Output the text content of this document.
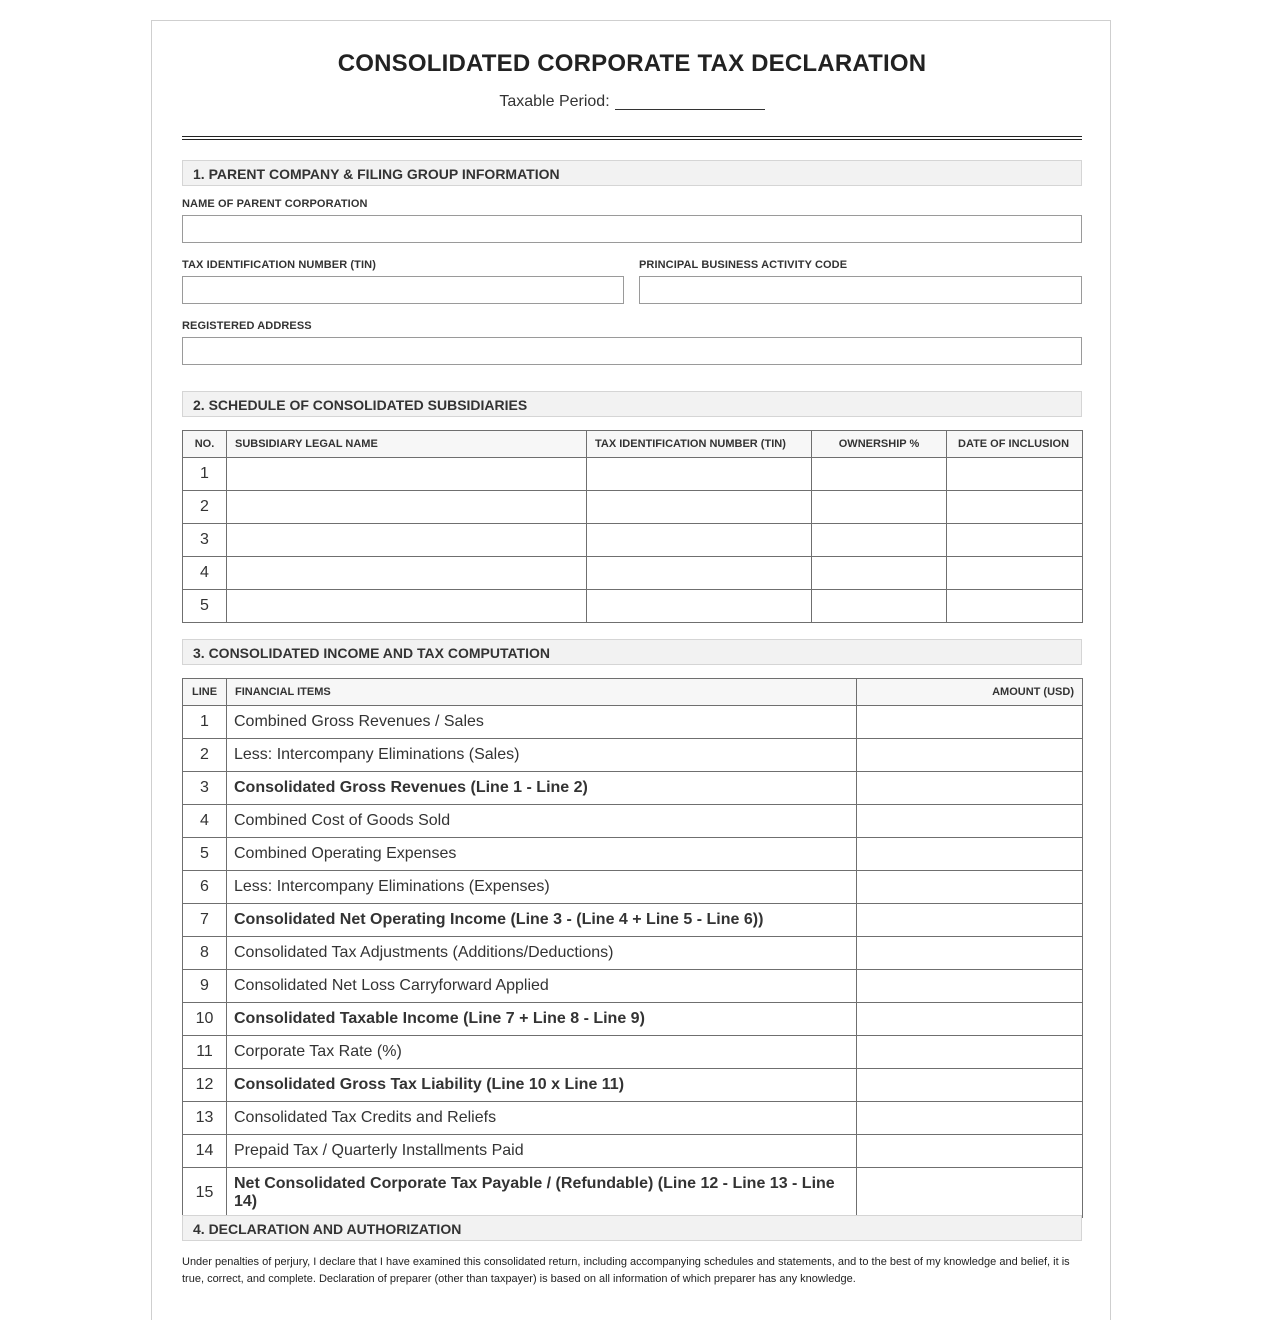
CONSOLIDATED CORPORATE TAX DECLARATION
Taxable Period:
1. PARENT COMPANY & FILING GROUP INFORMATION
NAME OF PARENT CORPORATION
TAX IDENTIFICATION NUMBER (TIN)	PRINCIPAL BUSINESS ACTIVITY CODE
REGISTERED ADDRESS
2. SCHEDULE OF CONSOLIDATED SUBSIDIARIES
NO.	SUBSIDIARY LEGAL NAME	TAX IDENTIFICATION NUMBER (TIN)	OWNERSHIP %	DATE OF INCLUSION
1				
2				
3				
4				
5				
3. CONSOLIDATED INCOME AND TAX COMPUTATION
LINE	FINANCIAL ITEMS	AMOUNT (USD)
1	Combined Gross Revenues / Sales	
2	Less: Intercompany Eliminations (Sales)	
3	Consolidated Gross Revenues (Line 1 - Line 2)	
4	Combined Cost of Goods Sold	
5	Combined Operating Expenses	
6	Less: Intercompany Eliminations (Expenses)	
7	Consolidated Net Operating Income (Line 3 - (Line 4 + Line 5 - Line 6))	
8	Consolidated Tax Adjustments (Additions/Deductions)	
9	Consolidated Net Loss Carryforward Applied	
10	Consolidated Taxable Income (Line 7 + Line 8 - Line 9)	
11	Corporate Tax Rate (%)	
12	Consolidated Gross Tax Liability (Line 10 x Line 11)	
13	Consolidated Tax Credits and Reliefs	
14	Prepaid Tax / Quarterly Installments Paid	
15	Net Consolidated Corporate Tax Payable / (Refundable) (Line 12 - Line 13 - Line 14)	
4. DECLARATION AND AUTHORIZATION
Under penalties of perjury, I declare that I have examined this consolidated return, including accompanying schedules and statements, and to the best of my knowledge and belief, it is true, correct, and complete. Declaration of preparer (other than taxpayer) is based on all information of which preparer has any knowledge.
